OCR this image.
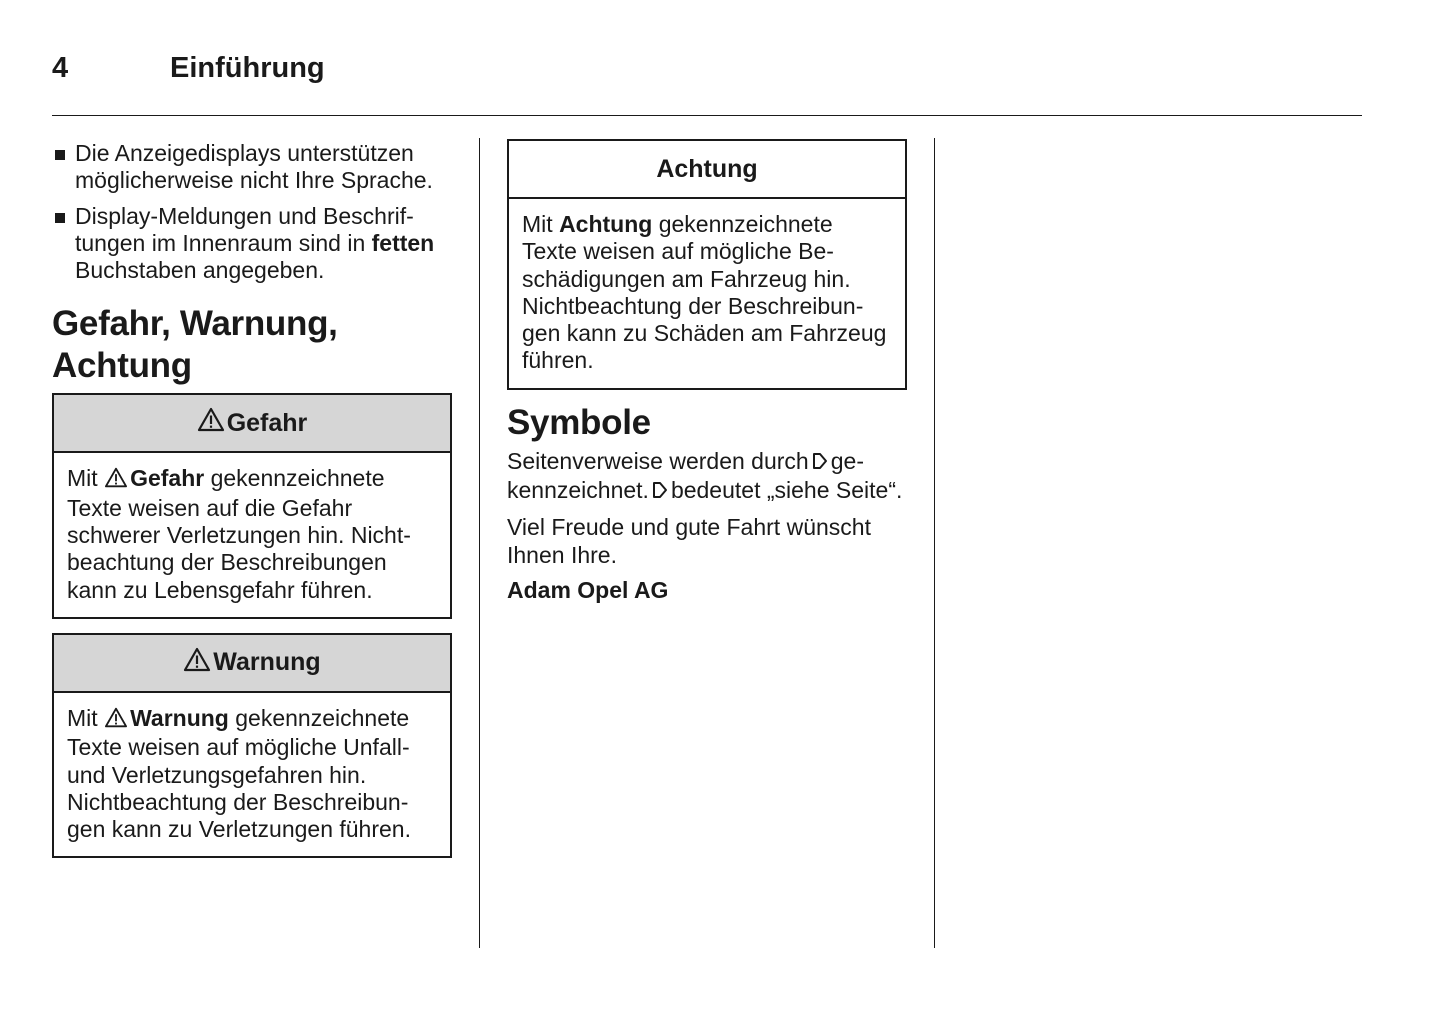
4	Einführung
Die Anzeigedisplays unterstützen möglicherweise nicht Ihre Sprache.
Display-Meldungen und Beschriftungen im Innenraum sind in fetten Buchstaben angegeben.
Gefahr, Warnung, Achtung
Gefahr
Mit Gefahr gekennzeichnete Texte weisen auf die Gefahr schwerer Verletzungen hin. Nichtbeachtung der Beschreibungen kann zu Lebensgefahr führen.
Warnung
Mit Warnung gekennzeichnete Texte weisen auf mögliche Unfall- und Verletzungsgefahren hin. Nichtbeachtung der Beschreibungen kann zu Verletzungen führen.
Achtung
Mit Achtung gekennzeichnete Texte weisen auf mögliche Beschädigungen am Fahrzeug hin. Nichtbeachtung der Beschreibungen kann zu Schäden am Fahrzeug führen.
Symbole

Seitenverweise werden durch gekennzeichnet. bedeutet „siehe Seite“.

Viel Freude und gute Fahrt wünscht Ihnen Ihre.

Adam Opel AG
